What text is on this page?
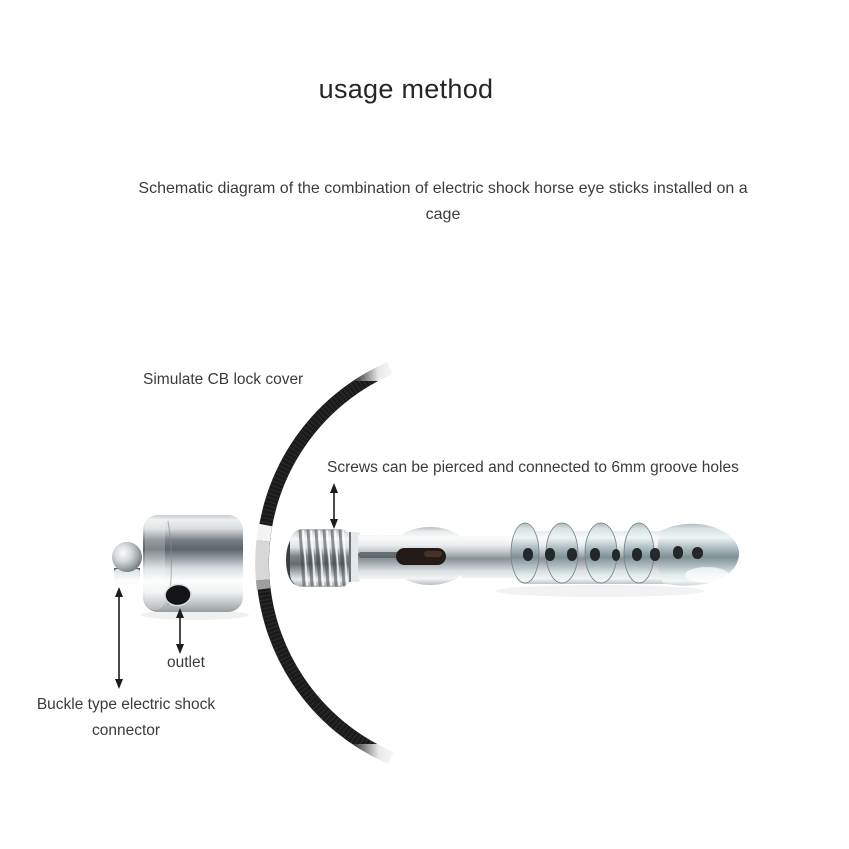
usage method
Schematic diagram of the combination of electric shock horse eye sticks installed on a
cage
Simulate CB lock cover
Screws can be pierced and connected to 6mm groove holes
outlet
Buckle type electric shock
connector
